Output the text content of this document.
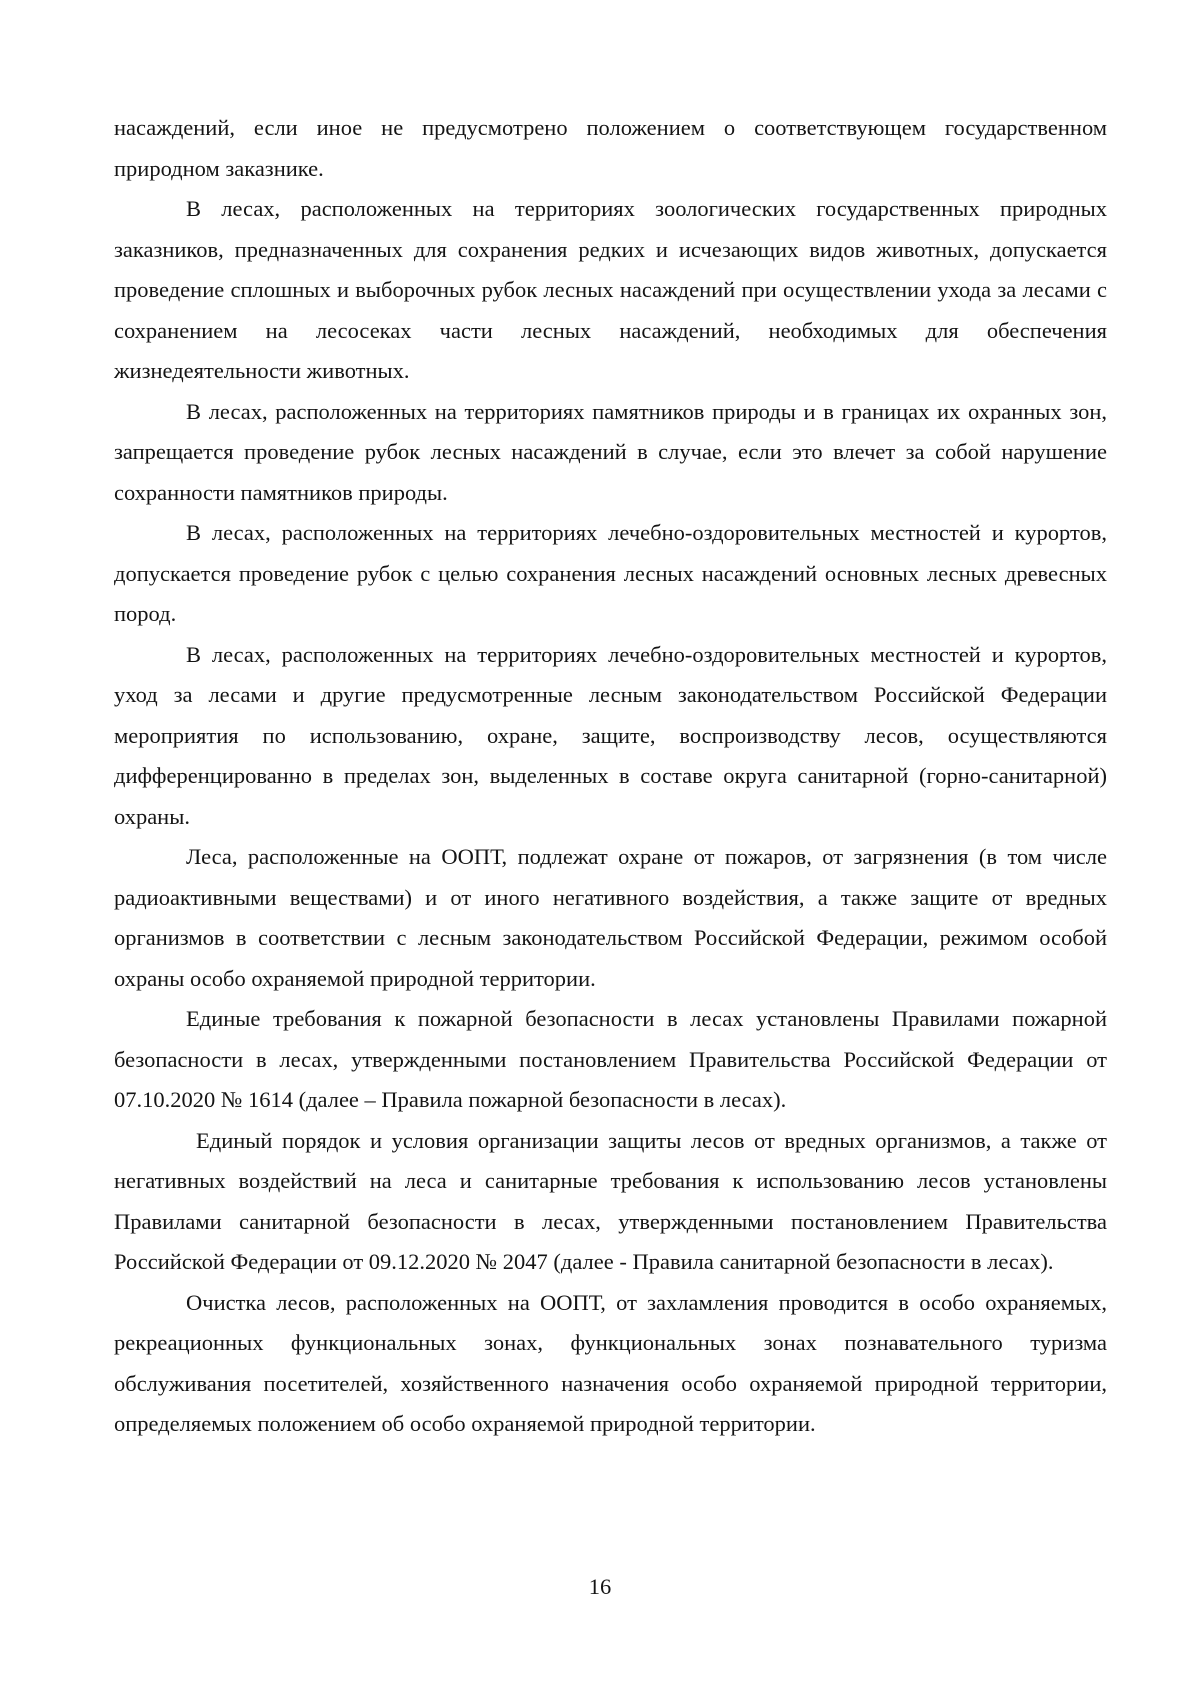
насаждений, если иное не предусмотрено положением о соответствующем государственном природном заказнике.

В лесах, расположенных на территориях зоологических государственных природных заказников, предназначенных для сохранения редких и исчезающих видов животных, допускается проведение сплошных и выборочных рубок лесных насаждений при осуществлении ухода за лесами с сохранением на лесосеках части лесных насаждений, необходимых для обеспечения жизнедеятельности животных.

В лесах, расположенных на территориях памятников природы и в границах их охранных зон, запрещается проведение рубок лесных насаждений в случае, если это влечет за собой нарушение сохранности памятников природы.

В лесах, расположенных на территориях лечебно-оздоровительных местностей и курортов, допускается проведение рубок с целью сохранения лесных насаждений основных лесных древесных пород.

В лесах, расположенных на территориях лечебно-оздоровительных местностей и курортов, уход за лесами и другие предусмотренные лесным законодательством Российской Федерации мероприятия по использованию, охране, защите, воспроизводству лесов, осуществляются дифференцированно в пределах зон, выделенных в составе округа санитарной (горно-санитарной) охраны.

Леса, расположенные на ООПТ, подлежат охране от пожаров, от загрязнения (в том числе радиоактивными веществами) и от иного негативного воздействия, а также защите от вредных организмов в соответствии с лесным законодательством Российской Федерации, режимом особой охраны особо охраняемой природной территории.

Единые требования к пожарной безопасности в лесах установлены Правилами пожарной безопасности в лесах, утвержденными постановлением Правительства Российской Федерации от 07.10.2020 № 1614 (далее – Правила пожарной безопасности в лесах).

Единый порядок и условия организации защиты лесов от вредных организмов, а также от негативных воздействий на леса и санитарные требования к использованию лесов установлены Правилами санитарной безопасности в лесах, утвержденными постановлением Правительства Российской Федерации от 09.12.2020 № 2047 (далее - Правила санитарной безопасности в лесах).

Очистка лесов, расположенных на ООПТ, от захламления проводится в особо охраняемых, рекреационных функциональных зонах, функциональных зонах познавательного туризма обслуживания посетителей, хозяйственного назначения особо охраняемой природной территории, определяемых положением об особо охраняемой природной территории.

16
